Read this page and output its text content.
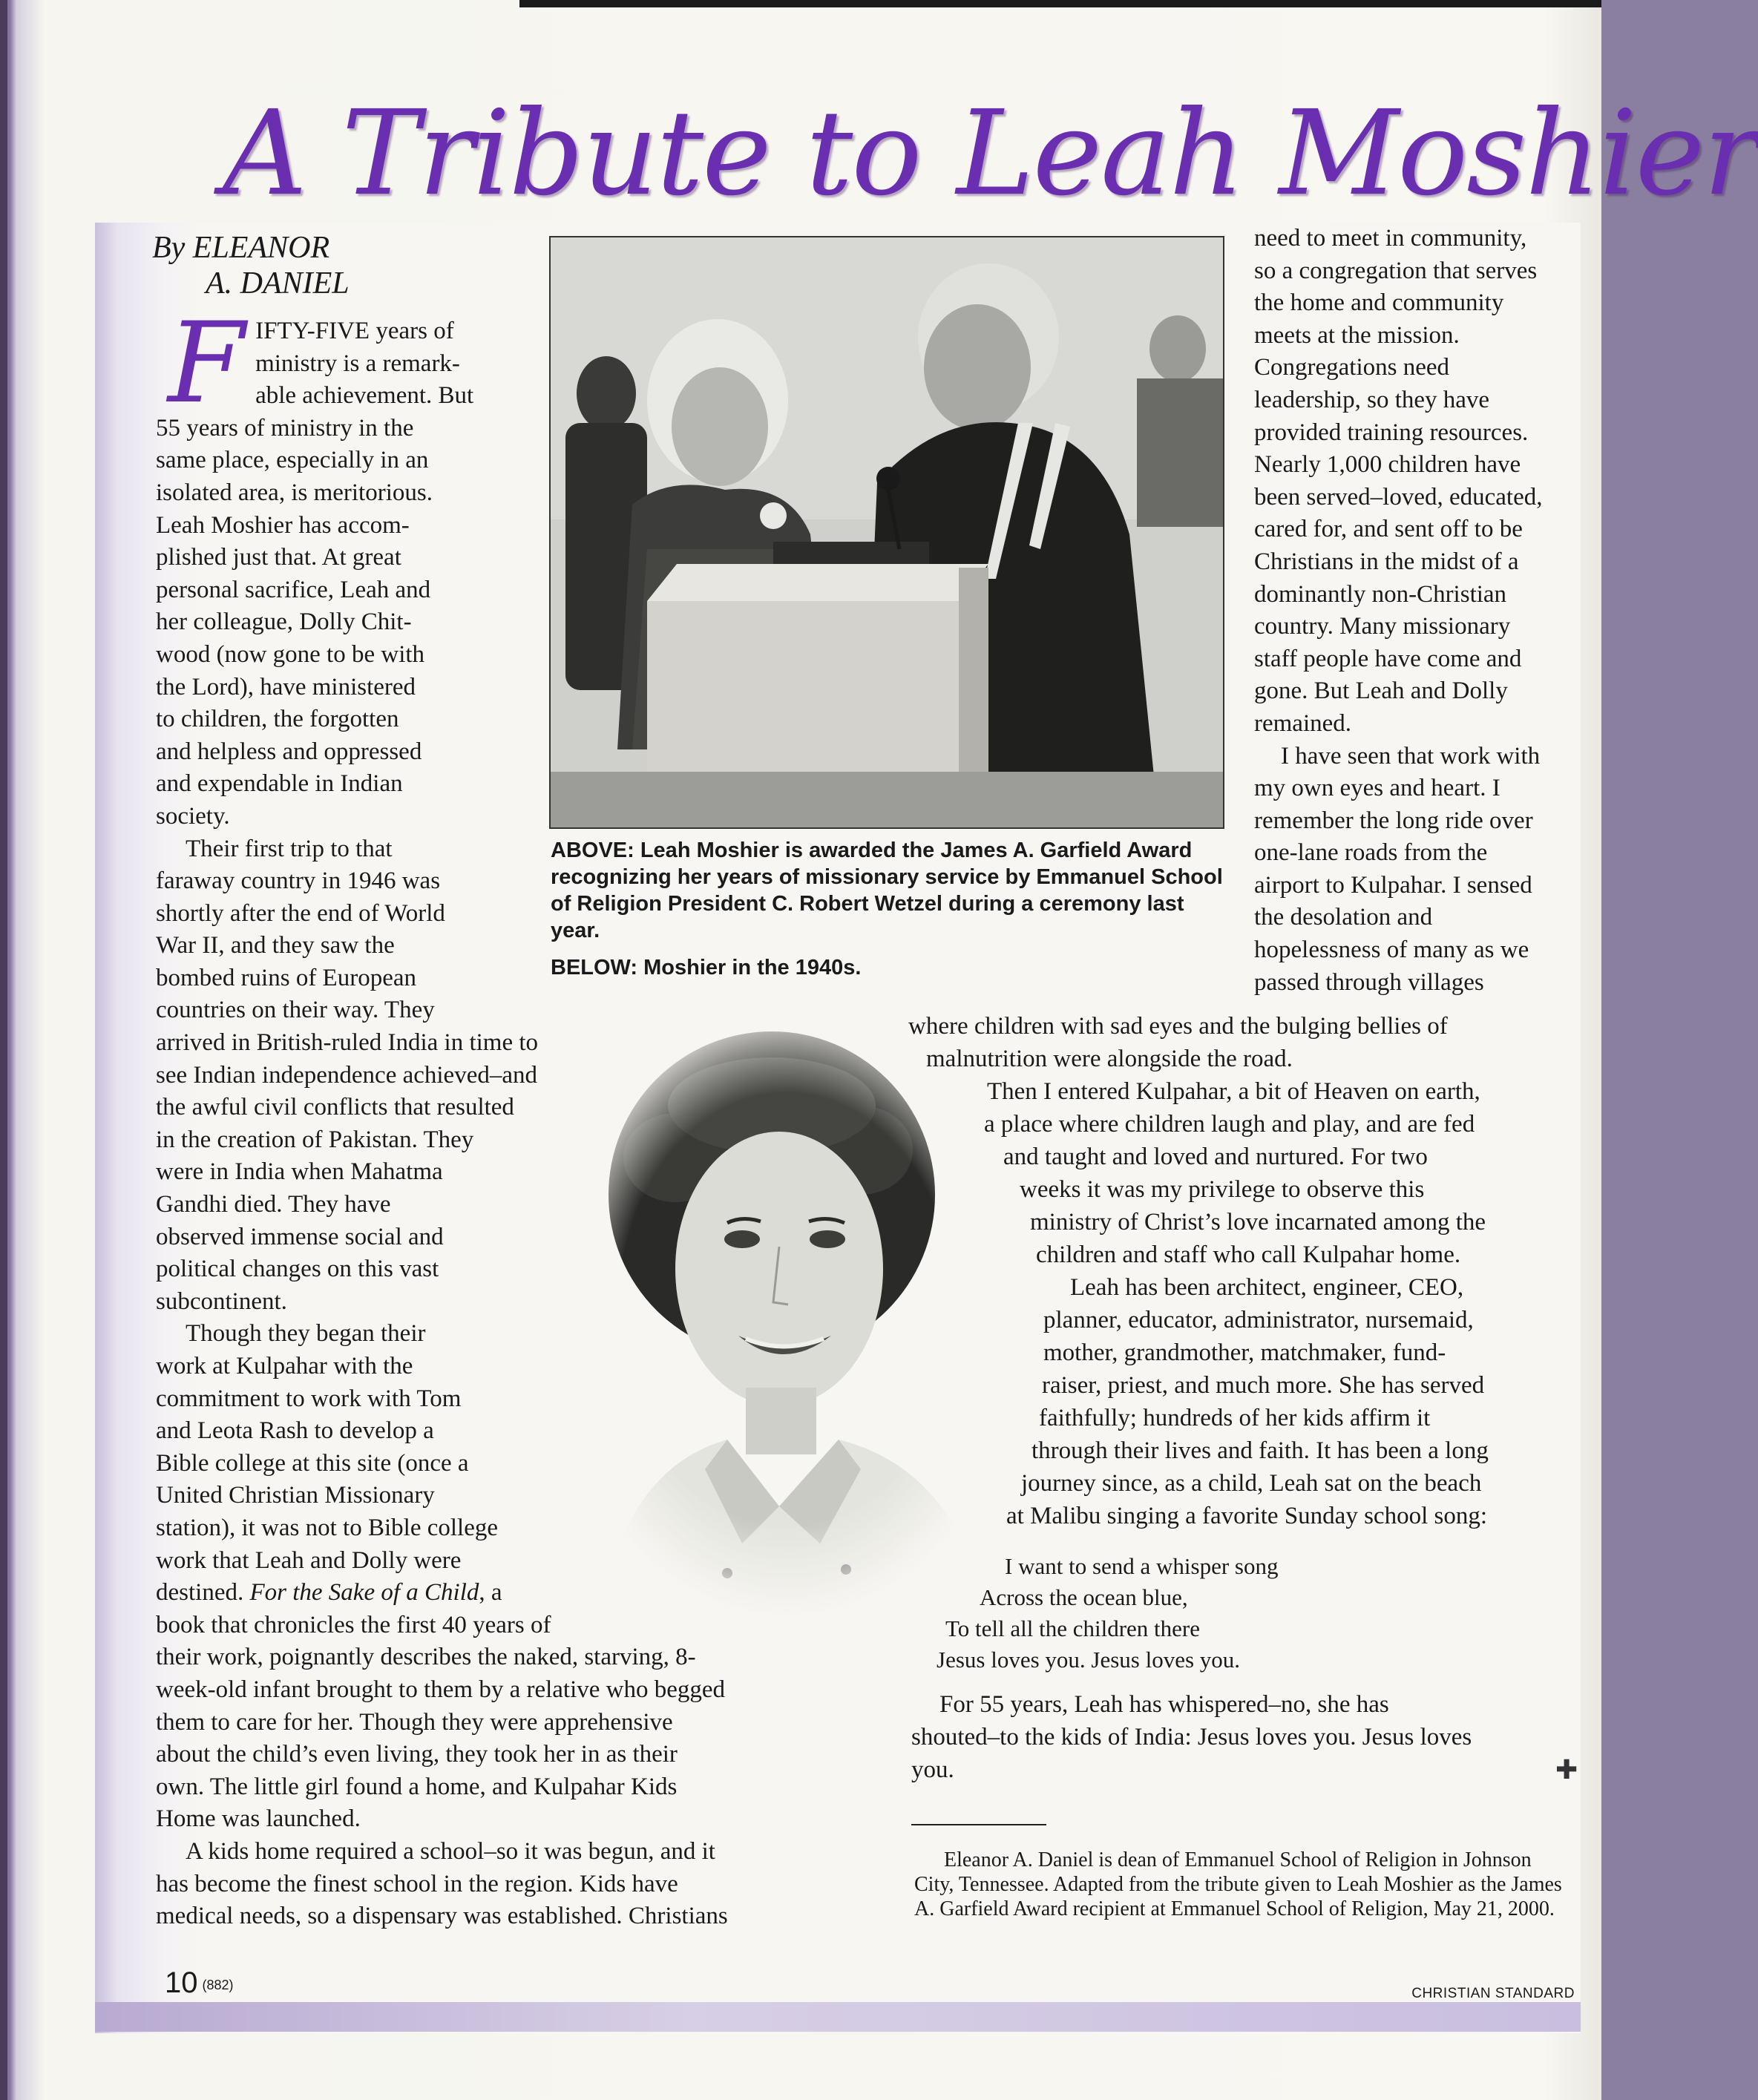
A Tribute to Leah Moshier
By ELEANOR
A. DANIEL

F IFTY-FIVE years of
ministry is a remark-
able achievement. But
55 years of ministry in the
same place, especially in an
isolated area, is meritorious.
Leah Moshier has accom-
plished just that. At great
personal sacrifice, Leah and
her colleague, Dolly Chit-
wood (now gone to be with
the Lord), have ministered
to children, the forgotten
and helpless and oppressed
and expendable in Indian
society.

Their first trip to that
faraway country in 1946 was
shortly after the end of World
War II, and they saw the
bombed ruins of European
countries on their way. They
arrived in British-ruled India in time to
see Indian independence achieved–and
the awful civil conflicts that resulted
in the creation of Pakistan. They
were in India when Mahatma
Gandhi died. They have
observed immense social and
political changes on this vast
subcontinent.

Though they began their
work at Kulpahar with the
commitment to work with Tom
and Leota Rash to develop a
Bible college at this site (once a
United Christian Missionary
station), it was not to Bible college
work that Leah and Dolly were
destined. For the Sake of a Child, a
book that chronicles the first 40 years of
their work, poignantly describes the naked, starving, 8-
week-old infant brought to them by a relative who begged
them to care for her. Though they were apprehensive
about the child’s even living, they took her in as their
own. The little girl found a home, and Kulpahar Kids
Home was launched.

A kids home required a school–so it was begun, and it
has become the finest school in the region. Kids have
medical needs, so a dispensary was established. Christians

ABOVE: Leah Moshier is awarded the James A. Garfield Award recognizing her years of missionary service by Emmanuel School of Religion President C. Robert Wetzel during a ceremony last year.
BELOW: Moshier in the 1940s.
need to meet in community,
so a congregation that serves
the home and community
meets at the mission.
Congregations need
leadership, so they have
provided training resources.
Nearly 1,000 children have
been served–loved, educated,
cared for, and sent off to be
Christians in the midst of a
dominantly non-Christian
country. Many missionary
staff people have come and
gone. But Leah and Dolly
remained.
I have seen that work with
my own eyes and heart. I
remember the long ride over
one-lane roads from the
airport to Kulpahar. I sensed
the desolation and
hopelessness of many as we
passed through villages
where children with sad eyes and the bulging bellies of
malnutrition were alongside the road.
Then I entered Kulpahar, a bit of Heaven on earth,
a place where children laugh and play, and are fed
and taught and loved and nurtured. For two
weeks it was my privilege to observe this
ministry of Christ’s love incarnated among the
children and staff who call Kulpahar home.
Leah has been architect, engineer, CEO,
planner, educator, administrator, nursemaid,
mother, grandmother, matchmaker, fund-
raiser, priest, and much more. She has served
faithfully; hundreds of her kids affirm it
through their lives and faith. It has been a long
journey since, as a child, Leah sat on the beach
at Malibu singing a favorite Sunday school song:
I want to send a whisper song
Across the ocean blue,
To tell all the children there
Jesus loves you. Jesus loves you.
For 55 years, Leah has whispered–no, she has
shouted–to the kids of India: Jesus loves you. Jesus loves
you.	✚
Eleanor A. Daniel is dean of Emmanuel School of Religion in Johnson City, Tennessee. Adapted from the tribute given to Leah Moshier as the James A. Garfield Award recipient at Emmanuel School of Religion, May 21, 2000.
10 (882)
CHRISTIAN STANDARD
